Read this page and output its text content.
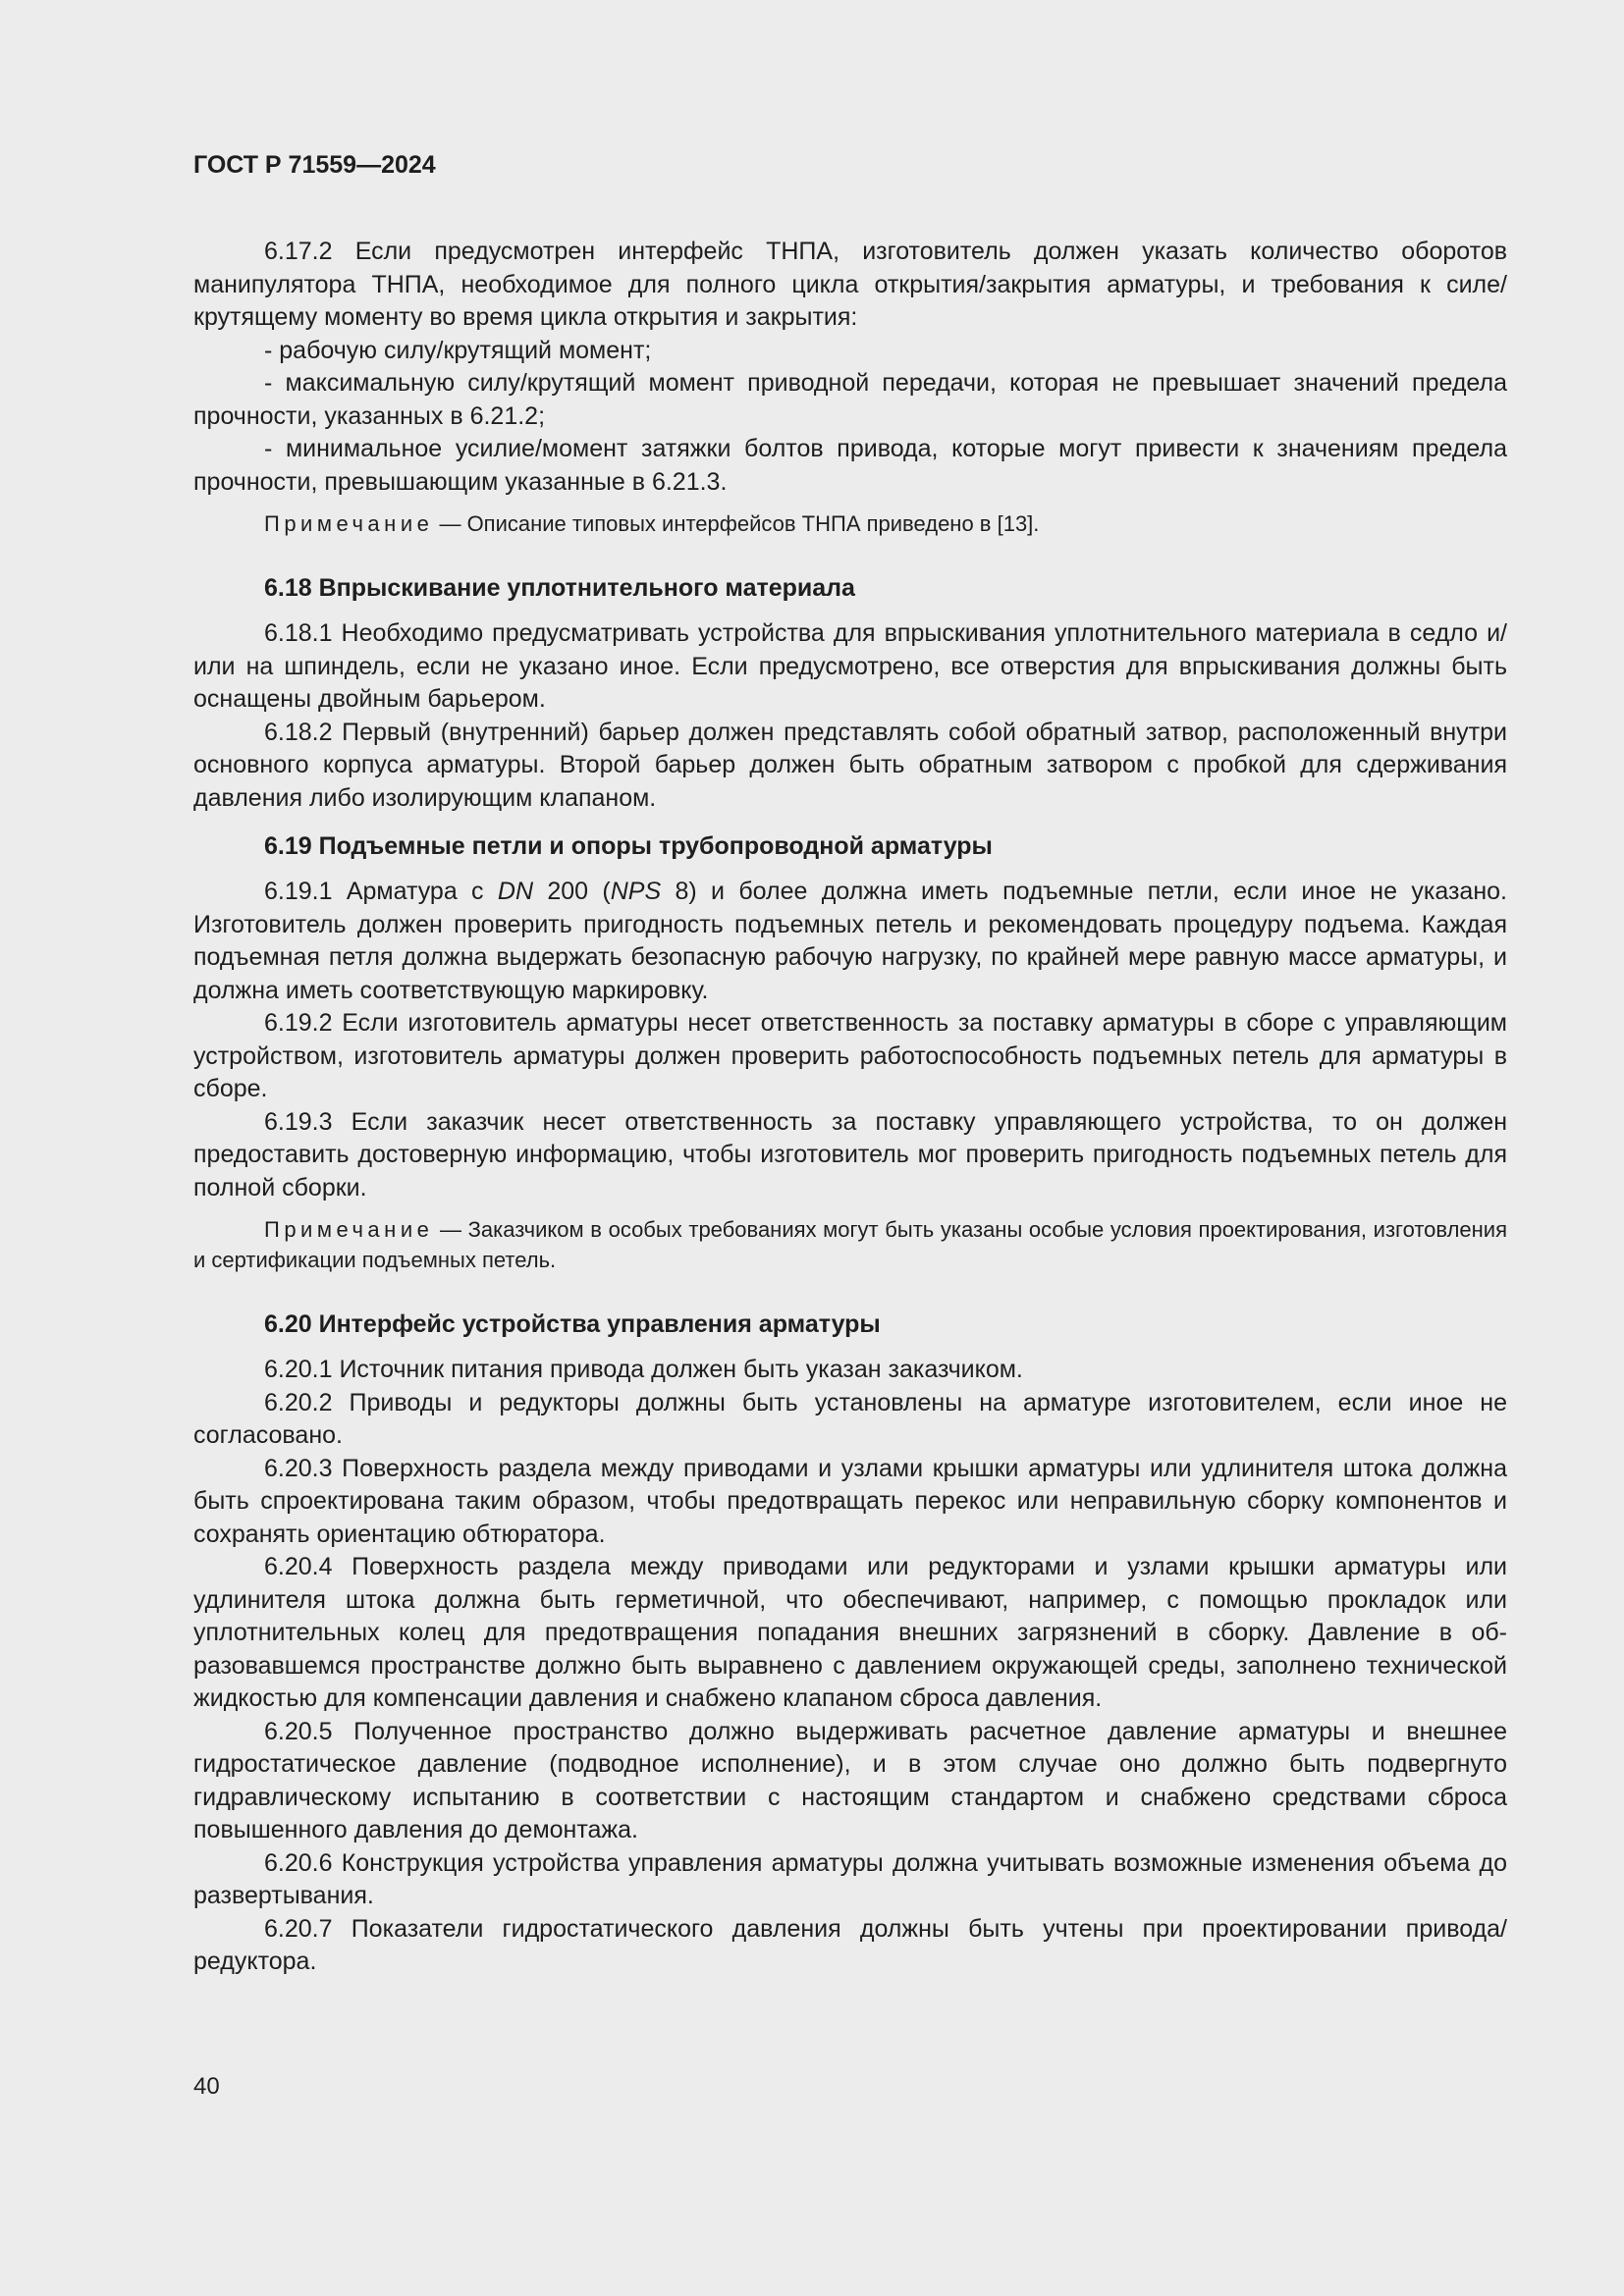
ГОСТ Р 71559—2024

6.17.2 Если предусмотрен интерфейс ТНПА, изготовитель должен указать количество оборотов манипулятора ТНПА, необходимое для полного цикла открытия/закрытия арматуры, и требования к силе/крутящему моменту во время цикла открытия и закрытия:

- рабочую силу/крутящий момент;

- максимальную силу/крутящий момент приводной передачи, которая не превышает значений предела прочности, указанных в 6.21.2;

- минимальное усилие/момент затяжки болтов привода, которые могут привести к значениям предела прочности, превышающим указанные в 6.21.3.

Примечание — Описание типовых интерфейсов ТНПА приведено в [13].

6.18 Впрыскивание уплотнительного материала

6.18.1 Необходимо предусматривать устройства для впрыскивания уплотнительного материала в седло и/или на шпиндель, если не указано иное. Если предусмотрено, все отверстия для впрыскивания должны быть оснащены двойным барьером.

6.18.2 Первый (внутренний) барьер должен представлять собой обратный затвор, расположенный внутри основного корпуса арматуры. Второй барьер должен быть обратным затвором с пробкой для сдерживания давления либо изолирующим клапаном.

6.19 Подъемные петли и опоры трубопроводной арматуры

6.19.1 Арматура с DN 200 (NPS 8) и более должна иметь подъемные петли, если иное не указано. Изготовитель должен проверить пригодность подъемных петель и рекомендовать процедуру подъема. Каждая подъемная петля должна выдержать безопасную рабочую нагрузку, по крайней мере равную массе арматуры, и должна иметь соответствующую маркировку.

6.19.2 Если изготовитель арматуры несет ответственность за поставку арматуры в сборе с управляющим устройством, изготовитель арматуры должен проверить работоспособность подъемных петель для арматуры в сборе.

6.19.3 Если заказчик несет ответственность за поставку управляющего устройства, то он должен предоставить достоверную информацию, чтобы изготовитель мог проверить пригодность подъемных петель для полной сборки.

Примечание — Заказчиком в особых требованиях могут быть указаны особые условия проектирования, изготовления и сертификации подъемных петель.

6.20 Интерфейс устройства управления арматуры

6.20.1 Источник питания привода должен быть указан заказчиком.

6.20.2 Приводы и редукторы должны быть установлены на арматуре изготовителем, если иное не согласовано.

6.20.3 Поверхность раздела между приводами и узлами крышки арматуры или удлинителя штока должна быть спроектирована таким образом, чтобы предотвращать перекос или неправильную сборку компонентов и сохранять ориентацию обтюратора.

6.20.4 Поверхность раздела между приводами или редукторами и узлами крышки арматуры или удлинителя штока должна быть герметичной, что обеспечивают, например, с помощью прокладок или уплотнительных колец для предотвращения попадания внешних загрязнений в сборку. Давление в образовавшемся пространстве должно быть выравнено с давлением окружающей среды, заполнено технической жидкостью для компенсации давления и снабжено клапаном сброса давления.

6.20.5 Полученное пространство должно выдерживать расчетное давление арматуры и внешнее гидростатическое давление (подводное исполнение), и в этом случае оно должно быть подвергнуто гидравлическому испытанию в соответствии с настоящим стандартом и снабжено средствами сброса повышенного давления до демонтажа.

6.20.6 Конструкция устройства управления арматуры должна учитывать возможные изменения объема до развертывания.

6.20.7 Показатели гидростатического давления должны быть учтены при проектировании привода/редуктора.

40
